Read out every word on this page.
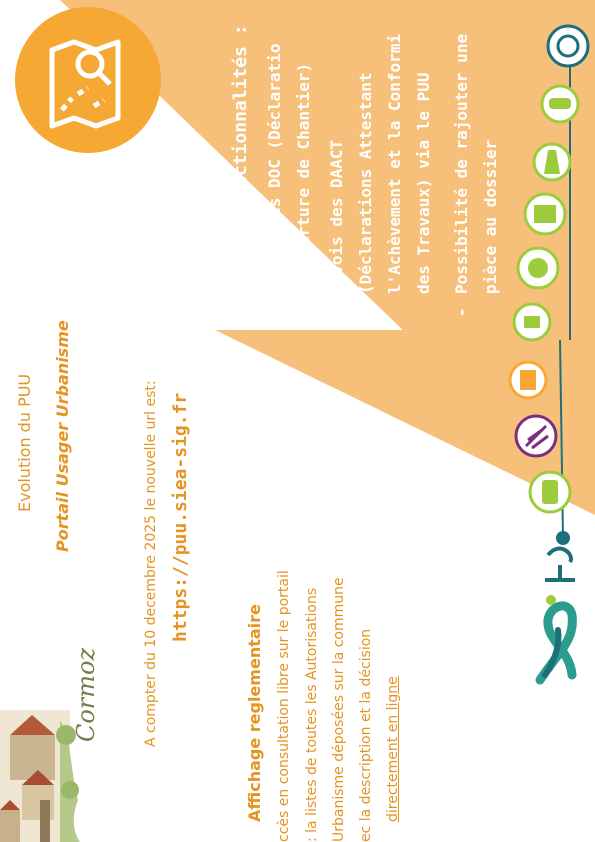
Evolution du PUU Portail Usager Urbanisme	A compter du 10 decembre 2025 le nouvelle url est: https://puu.siea-sig.fr
Nouvelles fonctionnalités : -
Envois des DOC (Déclaratio d'Ouverture de Chantier)
-
Envois des DAACT (Déclarations Attestant l'Achèvement et la Conformi des Travaux) via le PUU
-
Possibilité de rajouter une pièce au dossier
Affichage reglementaire ccès en consultation libre sur le portail : la listes de toutes les Autorisations Urbanisme déposées sur la commune ec la description et la décision directement en ligne
Cormoz
